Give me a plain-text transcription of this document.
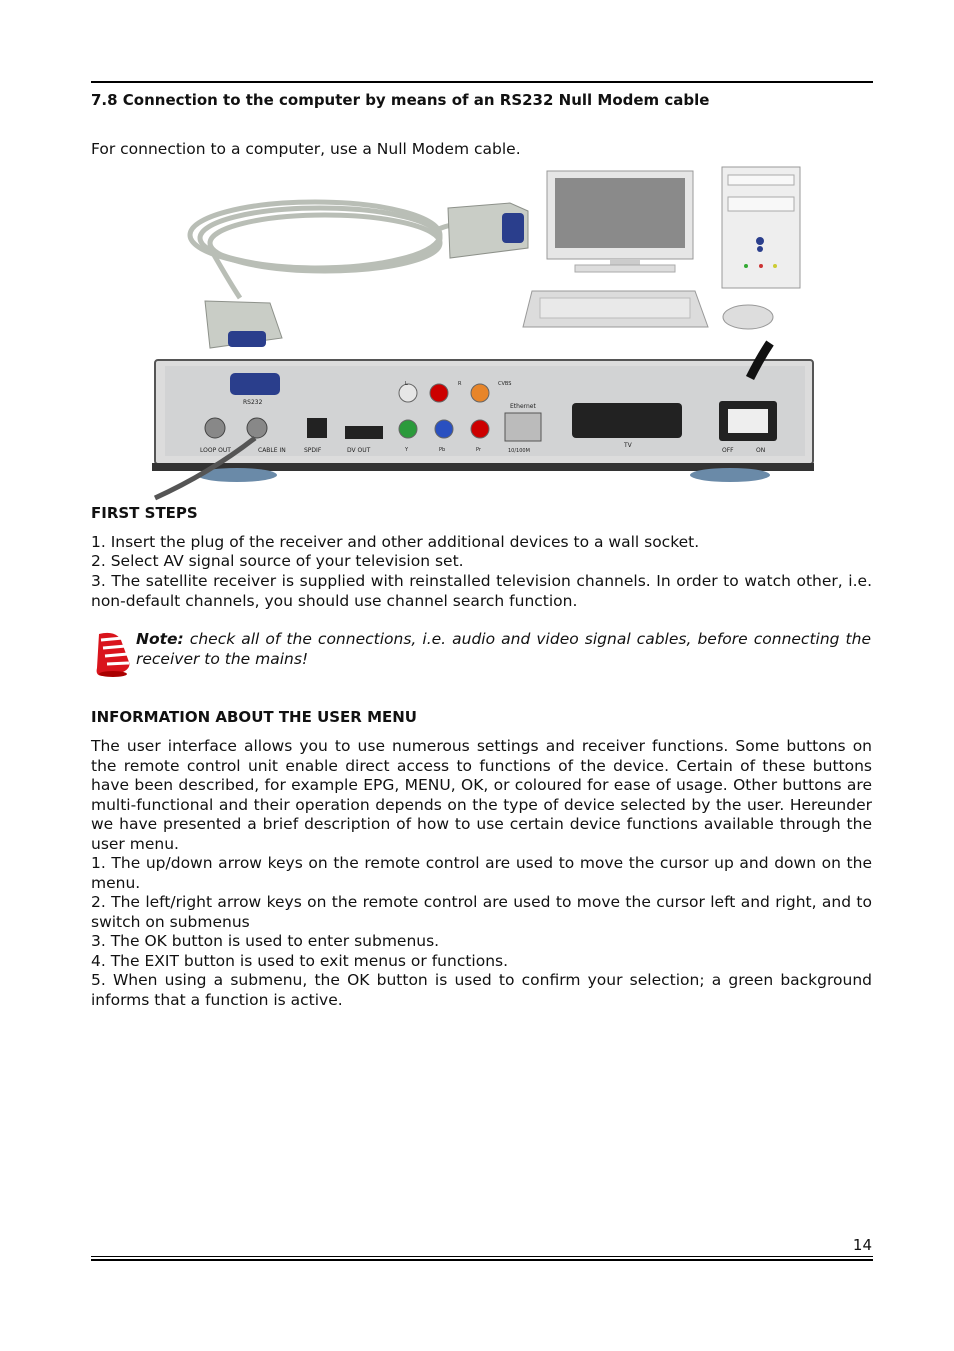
7.8 Connection to the computer by means of an RS232 Null Modem cable

For connection to a computer, use a Null Modem cable.

RS232
LOOP OUT	CABLE IN	SPDIF	DV OUT
L	R	CVBS
Y	Pb	Pr
Ethernet
10/100M
TV
OFF	ON
FIRST STEPS

1. Insert the plug of the receiver and other additional devices to a wall socket.

2. Select AV signal source of your television set.

3. The satellite receiver is supplied with reinstalled television channels. In order to watch other, i.e. non-default channels, you should use channel search function.

Note: check all of the connections, i.e. audio and video signal cables, before connecting the receiver to the mains!
INFORMATION ABOUT THE USER MENU

The user interface allows you to use numerous settings and receiver functions. Some buttons on the remote control unit enable direct access to functions of the device. Certain of these buttons have been described, for example EPG, MENU, OK, or coloured for ease of usage. Other buttons are multi-functional and their operation depends on the type of device selected by the user. Hereunder we have presented a brief description of how to use certain device functions available through the user menu.

1. The up/down arrow keys on the remote control are used to move the cursor up and down on the menu.

2. The left/right arrow keys on the remote control are used to move the cursor left and right, and to switch on submenus

3. The OK button is used to enter submenus.

4. The EXIT button is used to exit menus or functions.

5. When using a submenu, the OK button is used to confirm your selection; a green background informs that a function is active.

14
